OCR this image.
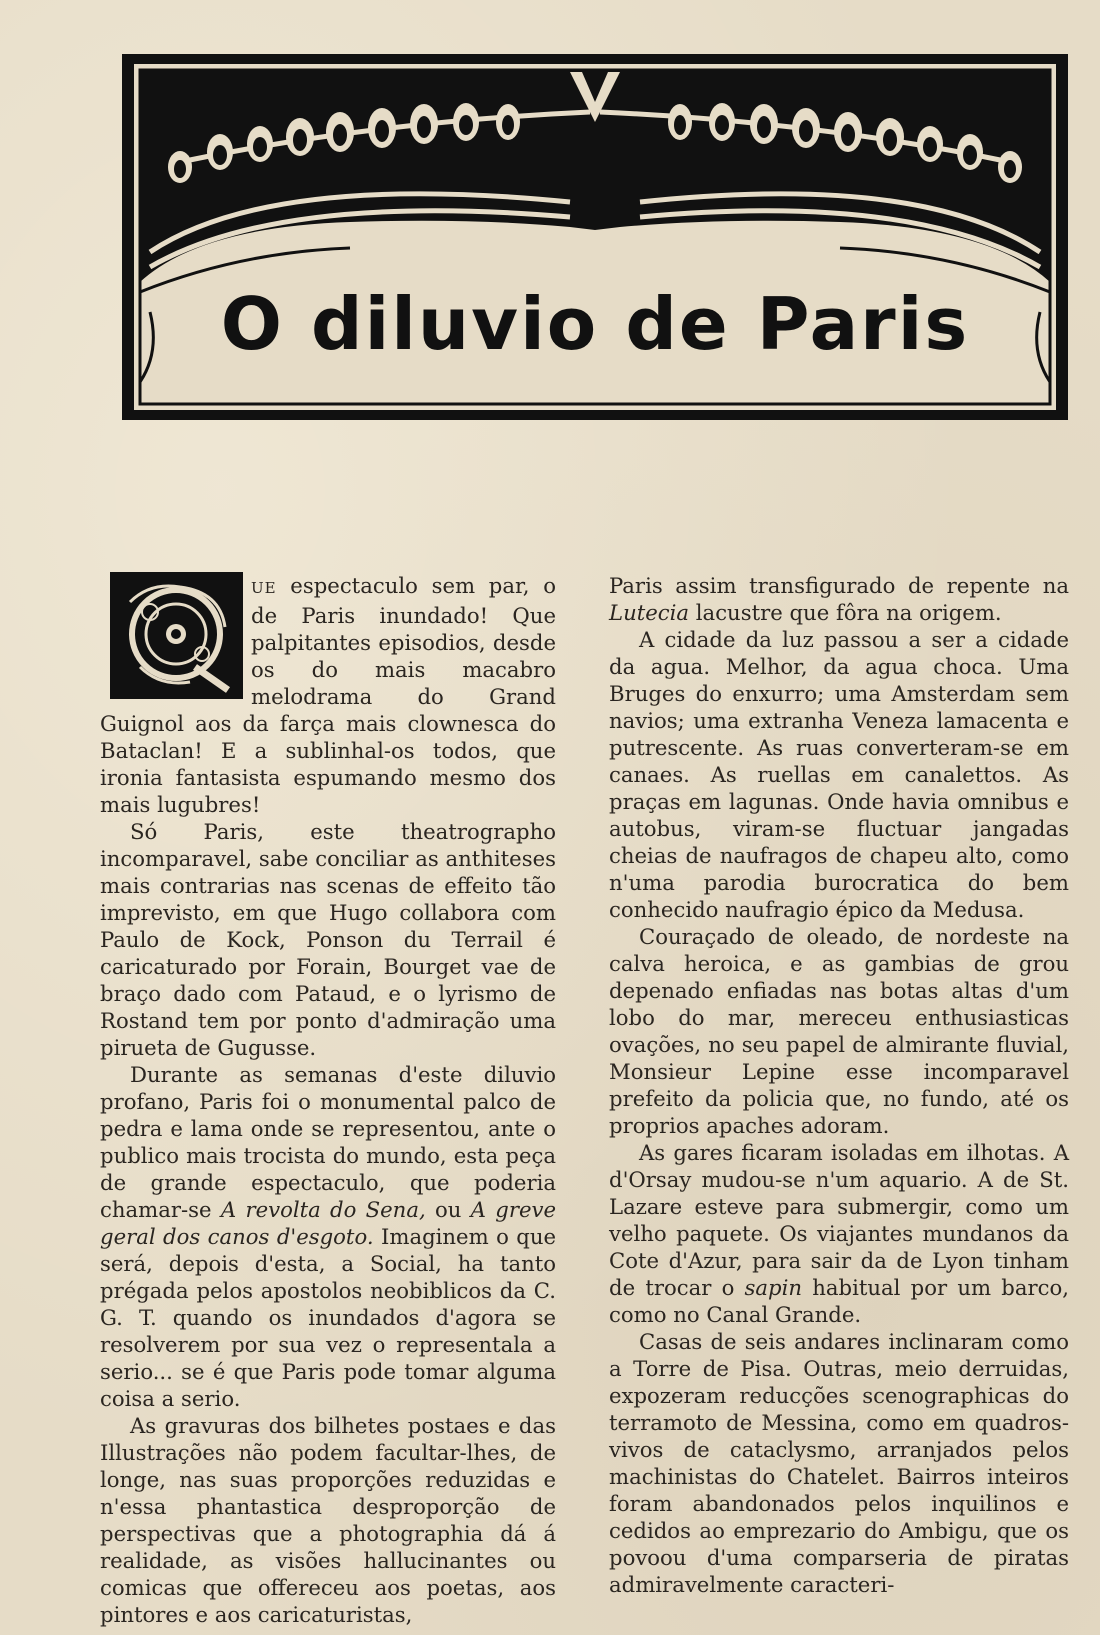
O diluvio de Paris

UE espectaculo sem par, o de Paris inundado! Que palpitantes episodios, desde os do mais macabro melodrama do Grand Guignol aos da farça mais clownesca do Bataclan! E a sublinhal-os todos, que ironia fantasista espumando mesmo dos mais lugubres!

Só Paris, este theatrographo incomparavel, sabe conciliar as anthiteses mais contrarias nas scenas de effeito tão imprevisto, em que Hugo collabora com Paulo de Kock, Ponson du Terrail é caricaturado por Forain, Bourget vae de braço dado com Pataud, e o lyrismo de Rostand tem por ponto d'admiração uma pirueta de Gugusse.

Durante as semanas d'este diluvio profano, Paris foi o monumental palco de pedra e lama onde se representou, ante o publico mais trocista do mundo, esta peça de grande espectaculo, que poderia chamar-se A revolta do Sena, ou A greve geral dos canos d'esgoto. Imaginem o que será, depois d'esta, a Social, ha tanto prégada pelos apostolos neobiblicos da C. G. T. quando os inundados d'agora se resolverem por sua vez o representala a serio... se é que Paris pode tomar alguma coisa a serio.

As gravuras dos bilhetes postaes e das Illustrações não podem facultar-lhes, de longe, nas suas proporções reduzidas e n'essa phantastica desproporção de perspectivas que a photographia dá á realidade, as visões hallucinantes ou comicas que offereceu aos poetas, aos pintores e aos caricaturistas,

Paris assim transfigurado de repente na Lutecia lacustre que fôra na origem.

A cidade da luz passou a ser a cidade da agua. Melhor, da agua choca. Uma Bruges do enxurro; uma Amsterdam sem navios; uma extranha Veneza lamacenta e putrescente. As ruas converteram-se em canaes. As ruellas em canalettos. As praças em lagunas. Onde havia omnibus e autobus, viram-se fluctuar jangadas cheias de naufragos de chapeu alto, como n'uma parodia burocratica do bem conhecido naufragio épico da Medusa.

Couraçado de oleado, de nordeste na calva heroica, e as gambias de grou depenado enfiadas nas botas altas d'um lobo do mar, mereceu enthusiasticas ovações, no seu papel de almirante fluvial, Monsieur Lepine esse incomparavel prefeito da policia que, no fundo, até os proprios apaches adoram.

As gares ficaram isoladas em ilhotas. A d'Orsay mudou-se n'um aquario. A de St. Lazare esteve para submergir, como um velho paquete. Os viajantes mundanos da Cote d'Azur, para sair da de Lyon tinham de trocar o sapin habitual por um barco, como no Canal Grande.

Casas de seis andares inclinaram como a Torre de Pisa. Outras, meio derruidas, expozeram reducções scenographicas do terramoto de Messina, como em quadros-vivos de cataclysmo, arranjados pelos machinistas do Chatelet. Bairros inteiros foram abandonados pelos inquilinos e cedidos ao emprezario do Ambigu, que os povoou d'uma comparseria de piratas admiravelmente caracteri-
